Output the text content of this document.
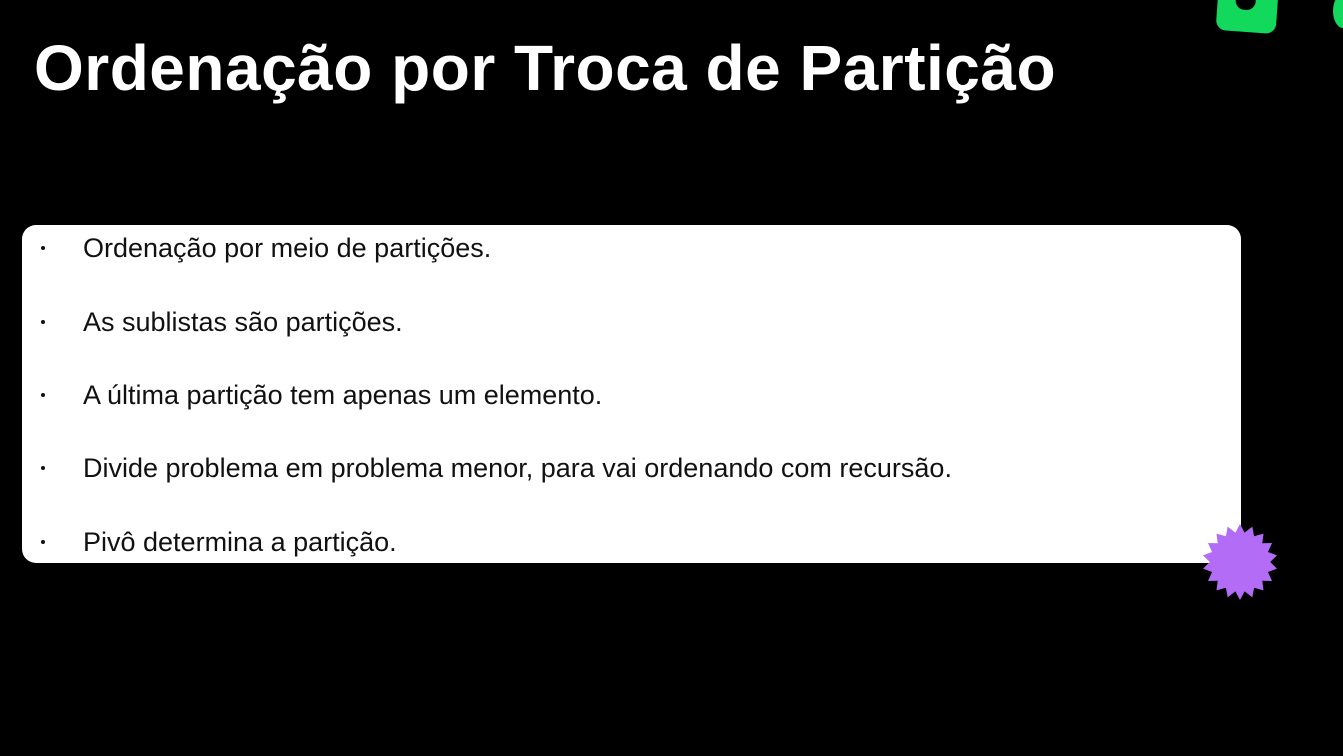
Ordenação por Troca de Partição
Ordenação por meio de partições.
As sublistas são partições.
A última partição tem apenas um elemento.
Divide problema em problema menor, para vai ordenando com recursão.
Pivô determina a partição.
